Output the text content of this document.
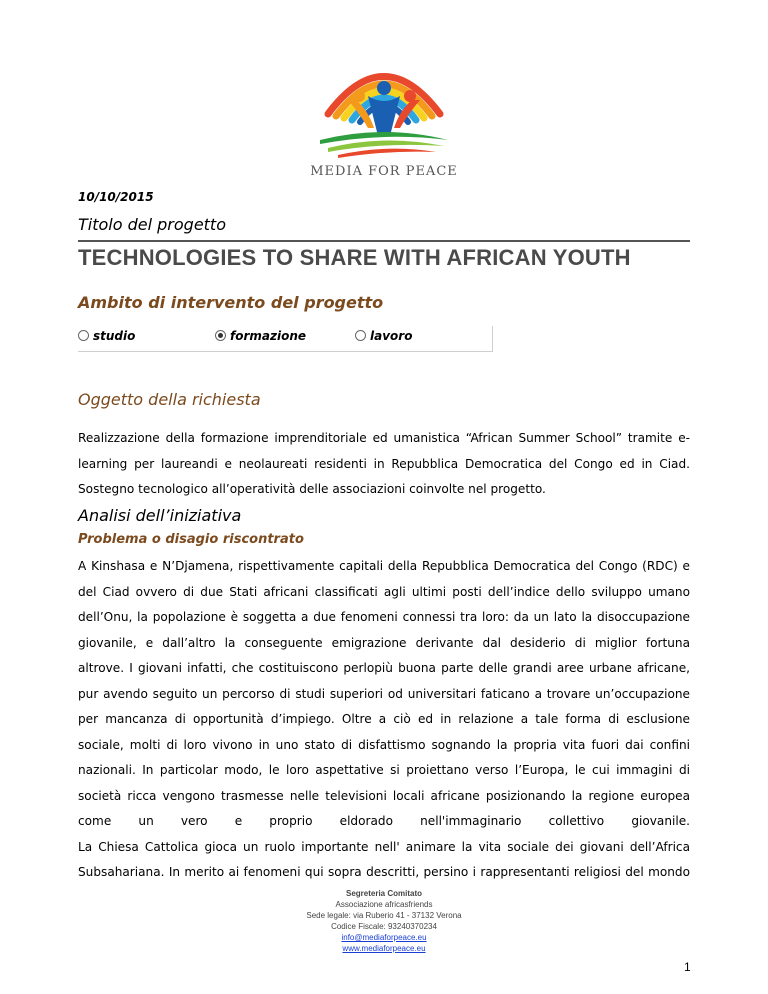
MEDIA FOR PEACE
10/10/2015
Titolo del progetto
TECHNOLOGIES TO SHARE WITH AFRICAN YOUTH
Ambito di intervento del progetto
studio	formazione	lavoro
Oggetto della richiesta
Realizzazione della formazione imprenditoriale ed umanistica “African Summer School” tramite e-
learning per laureandi e neolaureati residenti in Repubblica Democratica del Congo ed in Ciad.
Sostegno tecnologico all’operatività delle associazioni coinvolte nel progetto.
Analisi dell’iniziativa
Problema o disagio riscontrato
A Kinshasa e N’Djamena, rispettivamente capitali della Repubblica Democratica del Congo (RDC) e
del Ciad ovvero di due Stati africani classificati agli ultimi posti dell’indice dello sviluppo umano
dell’Onu, la popolazione è soggetta a due fenomeni connessi tra loro: da un lato la disoccupazione
giovanile, e dall’altro la conseguente emigrazione derivante dal desiderio di miglior fortuna
altrove. I giovani infatti, che costituiscono perlopiù buona parte delle grandi aree urbane africane,
pur avendo seguito un percorso di studi superiori od universitari faticano a trovare un’occupazione
per mancanza di opportunità d’impiego. Oltre a ciò ed in relazione a tale forma di esclusione
sociale, molti di loro vivono in uno stato di disfattismo sognando la propria vita fuori dai confini
nazionali. In particolar modo, le loro aspettative si proiettano verso l’Europa, le cui immagini di
società ricca vengono trasmesse nelle televisioni locali africane posizionando la regione europea
come un vero e proprio eldorado nell'immaginario collettivo giovanile.
La Chiesa Cattolica gioca un ruolo importante nell' animare la vita sociale dei giovani dell’Africa
Subsahariana. In merito ai fenomeni qui sopra descritti, persino i rappresentanti religiosi del mondo
Segreteria Comitato
Associazione africasfriends
Sede legale: via Ruberio 41 - 37132 Verona
Codice Fiscale: 93240370234
info@mediaforpeace.eu
www.mediaforpeace.eu
1
